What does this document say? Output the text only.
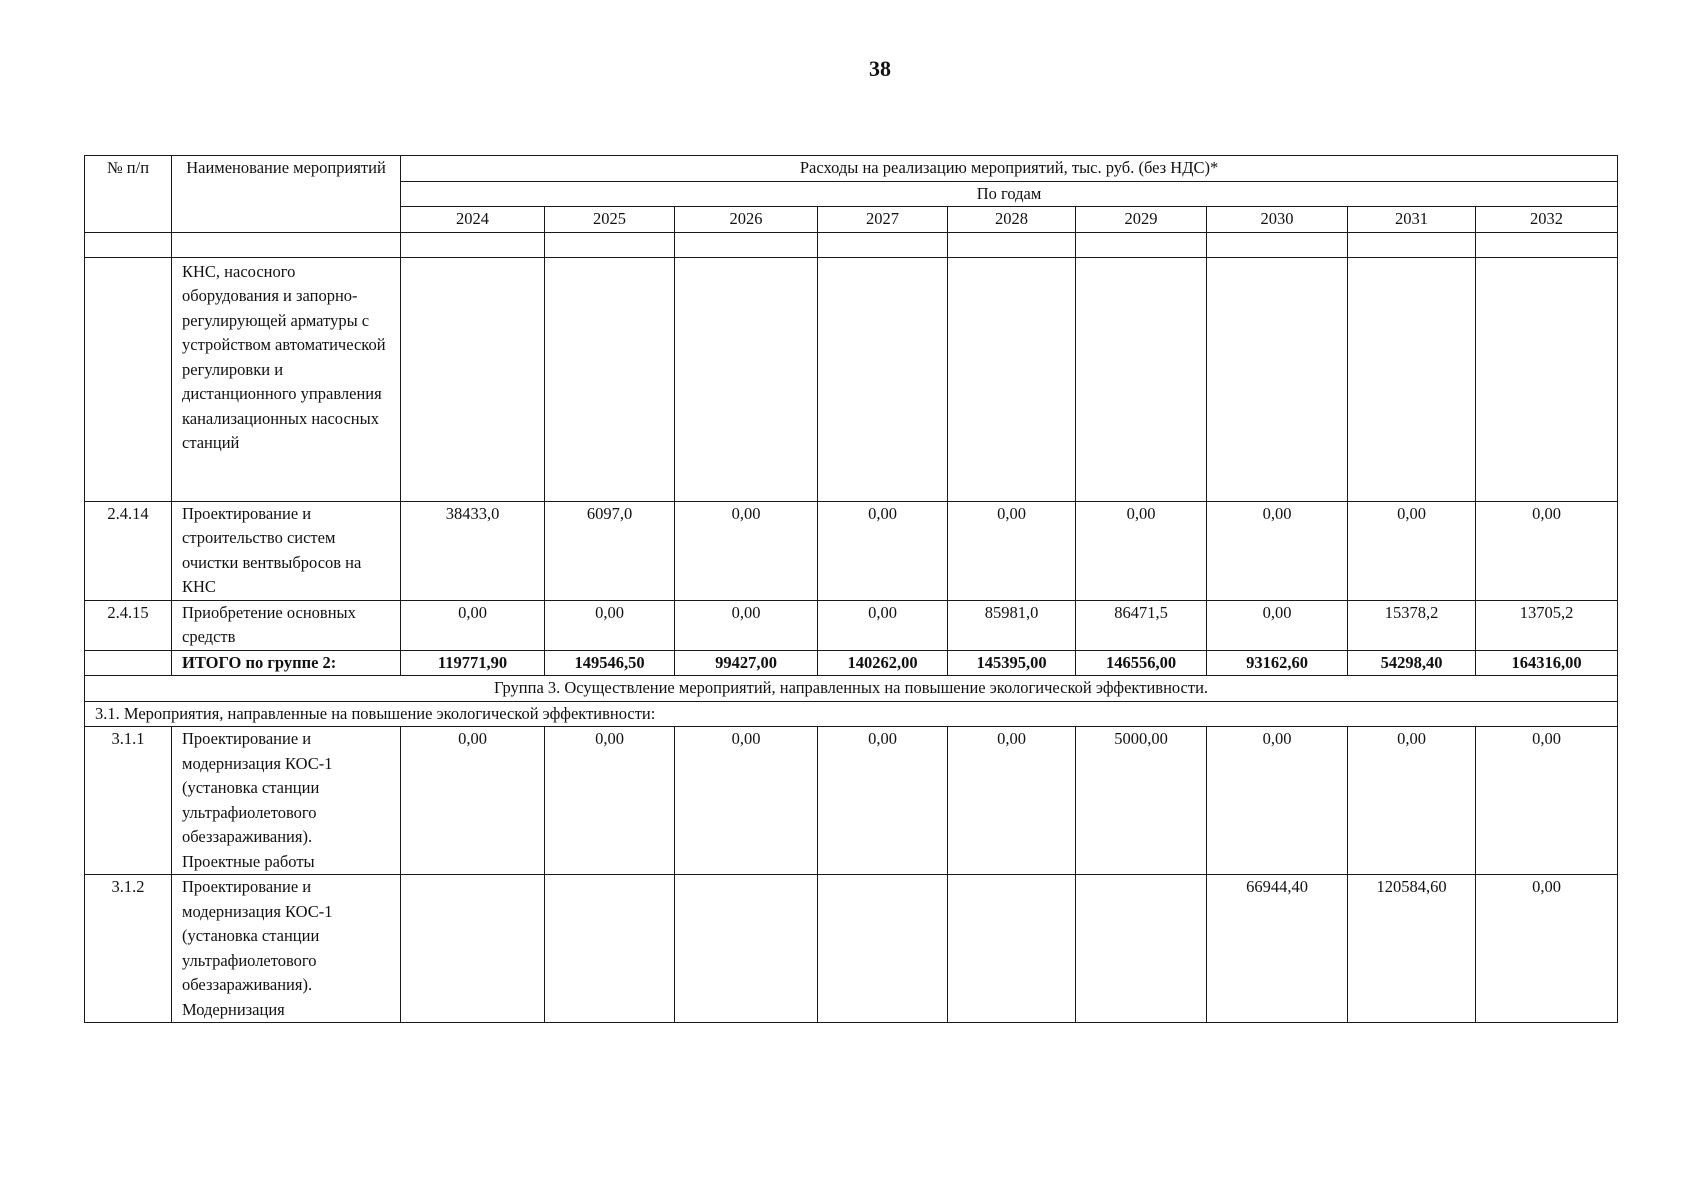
38
№ п/п	Наименование мероприятий	Расходы на реализацию мероприятий, тыс. руб. (без НДС)*								
		По годам								
		2024	2025	2026	2027	2028	2029	2030	2031	2032

	КНС, насосного оборудования и запорно-регулирующей арматуры с устройством автоматической регулировки и дистанционного управления канализационных насосных станций									
2.4.14	Проектирование и строительство систем очистки вентвыбросов на КНС	38433,0	6097,0	0,00	0,00	0,00	0,00	0,00	0,00	0,00
2.4.15	Приобретение основных средств	0,00	0,00	0,00	0,00	85981,0	86471,5	0,00	15378,2	13705,2
	ИТОГО по группе 2:	119771,90	149546,50	99427,00	140262,00	145395,00	146556,00	93162,60	54298,40	164316,00
Группа 3. Осуществление мероприятий, направленных на повышение экологической эффективности.										
3.1. Мероприятия, направленные на повышение экологической эффективности:										
3.1.1	Проектирование и модернизация КОС-1 (установка станции ультрафиолетового обеззараживания). Проектные работы	0,00	0,00	0,00	0,00	0,00	5000,00	0,00	0,00	0,00
3.1.2	Проектирование и модернизация КОС-1 (установка станции ультрафиолетового обеззараживания). Модернизация							66944,40	120584,60	0,00
